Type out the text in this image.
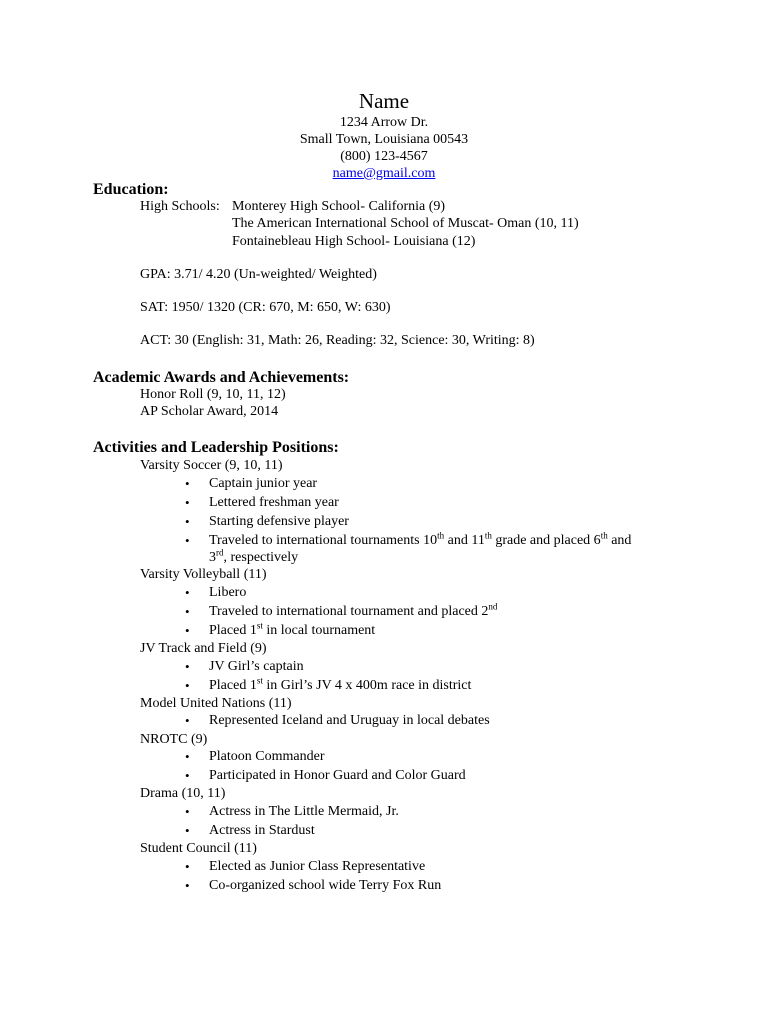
Name
1234 Arrow Dr.
Small Town, Louisiana 00543
(800) 123-4567
name@gmail.com
Education:
High Schools: Monterey High School- California (9)
The American International School of Muscat- Oman (10, 11)
Fontainebleau High School- Louisiana (12)
GPA: 3.71/ 4.20 (Un-weighted/ Weighted)
SAT: 1950/ 1320 (CR: 670, M: 650, W: 630)
ACT: 30 (English: 31, Math: 26, Reading: 32, Science: 30, Writing: 8)
Academic Awards and Achievements:
Honor Roll (9, 10, 11, 12)
AP Scholar Award, 2014
Activities and Leadership Positions:
Varsity Soccer (9, 10, 11)
• Captain junior year
• Lettered freshman year
• Starting defensive player
• Traveled to international tournaments 10th and 11th grade and placed 6th and
3rd, respectively
Varsity Volleyball (11)
• Libero
• Traveled to international tournament and placed 2nd
• Placed 1st in local tournament
JV Track and Field (9)
• JV Girl’s captain
• Placed 1st in Girl’s JV 4 x 400m race in district
Model United Nations (11)
• Represented Iceland and Uruguay in local debates
NROTC (9)
• Platoon Commander
• Participated in Honor Guard and Color Guard
Drama (10, 11)
• Actress in The Little Mermaid, Jr.
• Actress in Stardust
Student Council (11)
• Elected as Junior Class Representative
• Co-organized school wide Terry Fox Run
